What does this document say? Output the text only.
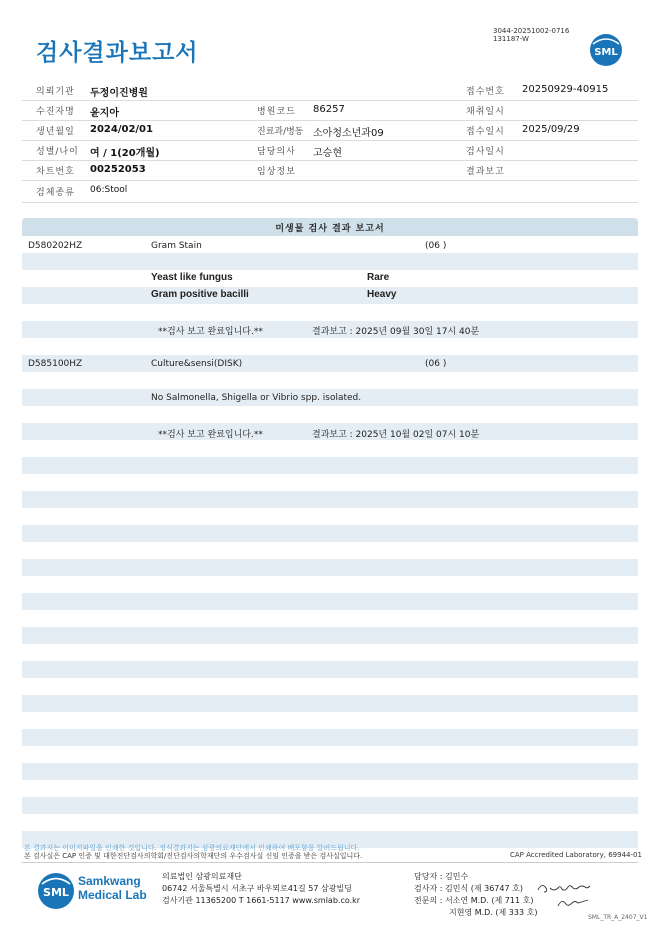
검사결과보고서
3044-20251002-0716
131187-W
SML
의뢰기관 두정이진병원	접수번호 20250929-40915
수진자명 윤지아	병원코드 86257	채취일시
생년월일 2024/02/01	진료과/병동 소아청소년과09	접수일시 2025/09/29
성별/나이 여 / 1(20개월)	담당의사 고승현	검사일시
차트번호 00252053	임상정보	결과보고
검체종류 06:Stool
미생물 검사 결과 보고서
D580202HZ	Gram Stain	(06 )
Yeast like fungus	Rare
Gram positive bacilli	Heavy
**검사 보고 완료입니다.**	결과보고 : 2025년 09월 30일 17시 40분
D585100HZ	Culture&sensi(DISK)	(06 )
No Salmonella, Shigella or Vibrio spp. isolated.
**검사 보고 완료입니다.**	결과보고 : 2025년 10월 02일 07시 10분
본 결과지는 이미지파일을 인쇄한 것입니다. 정식결과지는 삼광의료재단에서 인쇄하여 배포함을 알려드립니다.
본 검사실은 CAP 인증 및 대한진단검사의학회/진단검사의학재단의 우수검사실 신임 인증을 받은 검사실입니다.	CAP Accredited Laboratory, 69944-01
SML
Samkwang
Medical Lab
의료법인 삼광의료재단
06742 서울특별시 서초구 바우뫼로41길 57 삼광빌딩
검사기관 11365200 T 1661-5117 www.smlab.co.kr
담당자 : 김민수
검사자 : 김민식 (제 36747 호)
전문의 : 서소연 M.D. (제 711 호)
지현영 M.D. (제 333 호)
SML_TR_A_2407_V1
